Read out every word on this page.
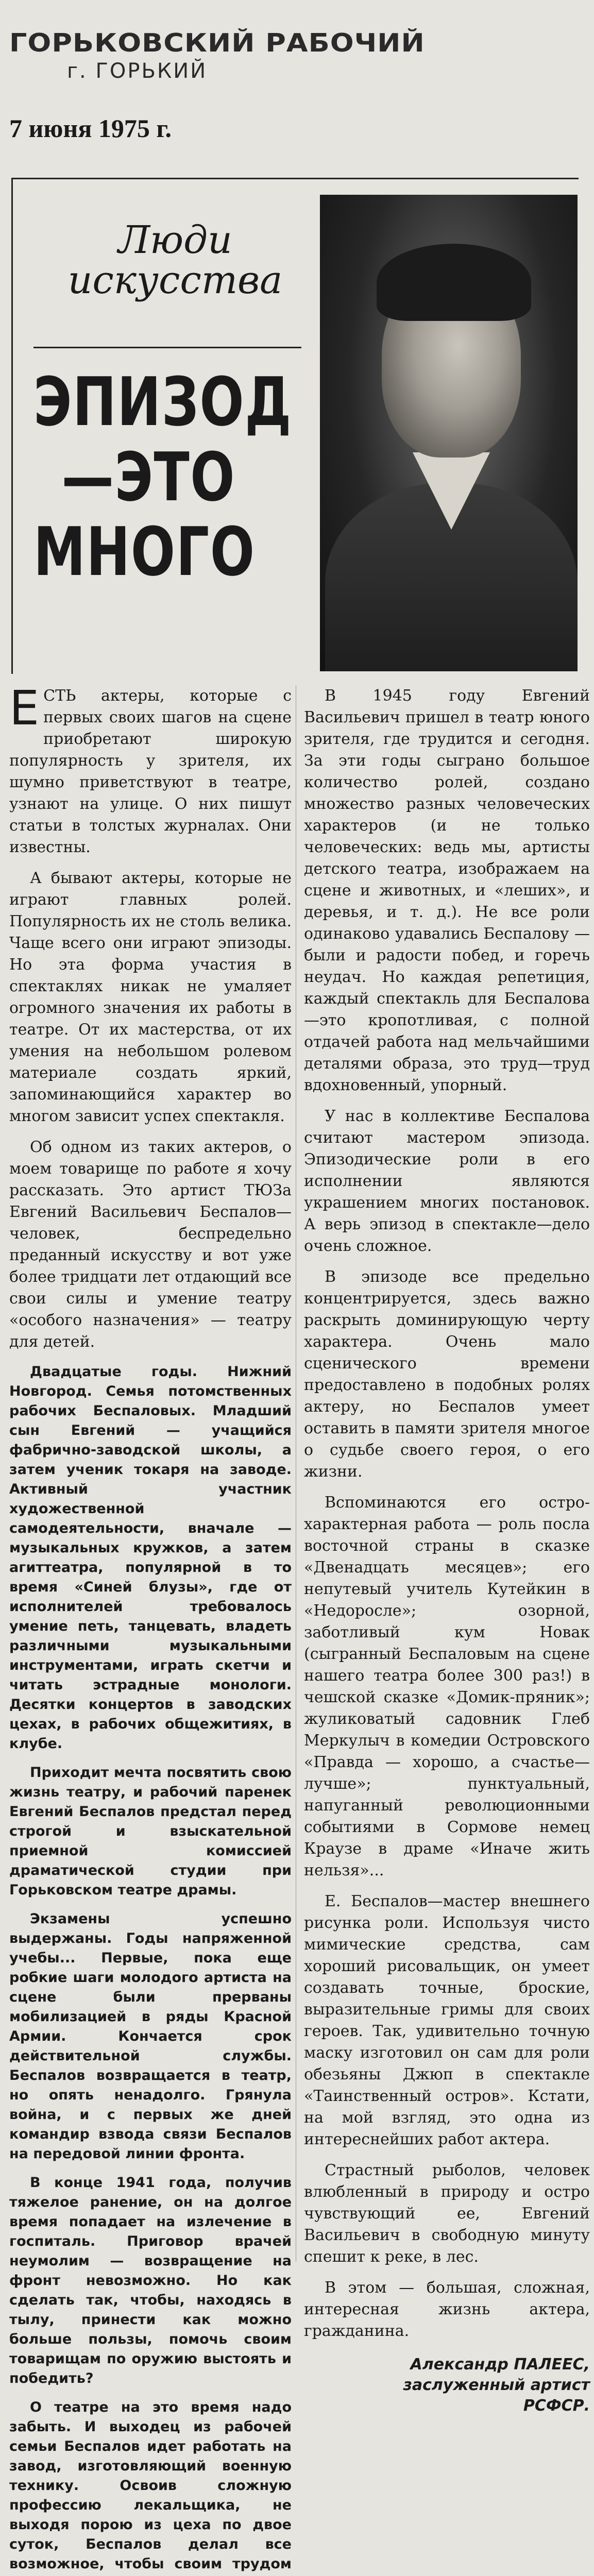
ГОРЬКОВСКИЙ РАБОЧИЙ
г. ГОРЬКИЙ
7 июня 1975 г.
Люди
искусства
ЭПИЗОД
—ЭТО
МНОГО

ЕСТЬ актеры, которые с первых своих шагов на сцене приобретают широкую популярность у зрителя, их шумно приветствуют в театре, узнают на улице. О них пишут статьи в толстых журналах. Они известны.

А бывают актеры, которые не играют главных ролей. Популярность их не столь велика. Чаще всего они играют эпизоды. Но эта форма участия в спектаклях никак не умаляет огромного значения их работы в театре. От их мастерства, от их умения на небольшом ролевом материале создать яркий, запоминающийся характер во многом зависит успех спектакля.

Об одном из таких актеров, о моем товарище по работе я хочу рассказать. Это артист ТЮЗа Евгений Васильевич Беспалов—человек, беспредельно преданный искусству и вот уже более тридцати лет отдающий все свои силы и умение театру «особого назначения» — театру для детей.

Двадцатые годы. Нижний Новгород. Семья потомственных рабочих Беспаловых. Младший сын Евгений — учащийся фабрично-заводской школы, а затем ученик токаря на заводе. Активный участник художественной самодеятельности, вначале — музыкальных кружков, а затем агиттеатра, популярной в то время «Синей блузы», где от исполнителей требовалось умение петь, танцевать, владеть различными музыкальными инструментами, играть скетчи и читать эстрадные монологи. Десятки концертов в заводских цехах, в рабочих общежитиях, в клубе.

Приходит мечта посвятить свою жизнь театру, и рабочий паренек Евгений Беспалов предстал перед строгой и взыскательной приемной комиссией драматической студии при Горьковском театре драмы.

Экзамены успешно выдержаны. Годы напряженной учебы... Первые, пока еще робкие шаги молодого артиста на сцене были прерваны мобилизацией в ряды Красной Армии. Кончается срок действительной службы. Беспалов возвращается в театр, но опять ненадолго. Грянула война, и с первых же дней командир взвода связи Беспалов на передовой линии фронта.

В конце 1941 года, получив тяжелое ранение, он на долгое время попадает на излечение в госпиталь. Приговор врачей неумолим — возвращение на фронт невозможно. Но как сделать так, чтобы, находясь в тылу, принести как можно больше пользы, помочь своим товарищам по оружию выстоять и победить?

О театре на это время надо забыть. И выходец из рабочей семьи Беспалов идет работать на завод, изготовляющий военную технику. Освоив сложную профессию лекальщика, не выходя порою из цеха по двое суток, Беспалов делал все возможное, чтобы своим трудом

В 1945 году Евгений Васильевич пришел в театр юного зрителя, где трудится и сегодня. За эти годы сыграно большое количество ролей, создано множество разных человеческих характеров (и не только человеческих: ведь мы, артисты детского театра, изображаем на сцене и животных, и «леших», и деревья, и т. д.). Не все роли одинаково удавались Беспалову — были и радости побед, и горечь неудач. Но каждая репетиция, каждый спектакль для Беспалова—это кропотливая, с полной отдачей работа над мельчайшими деталями образа, это труд—труд вдохновенный, упорный.

У нас в коллективе Беспалова считают мастером эпизода. Эпизодические роли в его исполнении являются украшением многих постановок. А верь эпизод в спектакле—дело очень сложное.

В эпизоде все предельно концентрируется, здесь важно раскрыть доминирующую черту характера. Очень мало сценического времени предоставлено в подобных ролях актеру, но Беспалов умеет оставить в памяти зрителя многое о судьбе своего героя, о его жизни.

Вспоминаются его остро-характерная работа — роль посла восточной страны в сказке «Двенадцать месяцев»; его непутевый учитель Кутейкин в «Недоросле»; озорной, заботливый кум Новак (сыгранный Беспаловым на сцене нашего театра более 300 раз!) в чешской сказке «Домик-пряник»; жуликоватый садовник Глеб Меркулыч в комедии Островского «Правда — хорошо, а счастье—лучше»; пунктуальный, напуганный революционными событиями в Сормове немец Краузе в драме «Иначе жить нельзя»...

Е. Беспалов—мастер внешнего рисунка роли. Используя чисто мимические средства, сам хороший рисовальщик, он умеет создавать точные, броские, выразительные гримы для своих героев. Так, удивительно точную маску изготовил он сам для роли обезьяны Джюп в спектакле «Таинственный остров». Кстати, на мой взгляд, это одна из интереснейших работ актера.

Страстный рыболов, человек влюбленный в природу и остро чувствующий ее, Евгений Васильевич в свободную минуту спешит к реке, в лес.

В этом — большая, сложная, интересная жизнь актера, гражданина.

Александр ПАЛЕЕС,
заслуженный артист
РСФСР.
